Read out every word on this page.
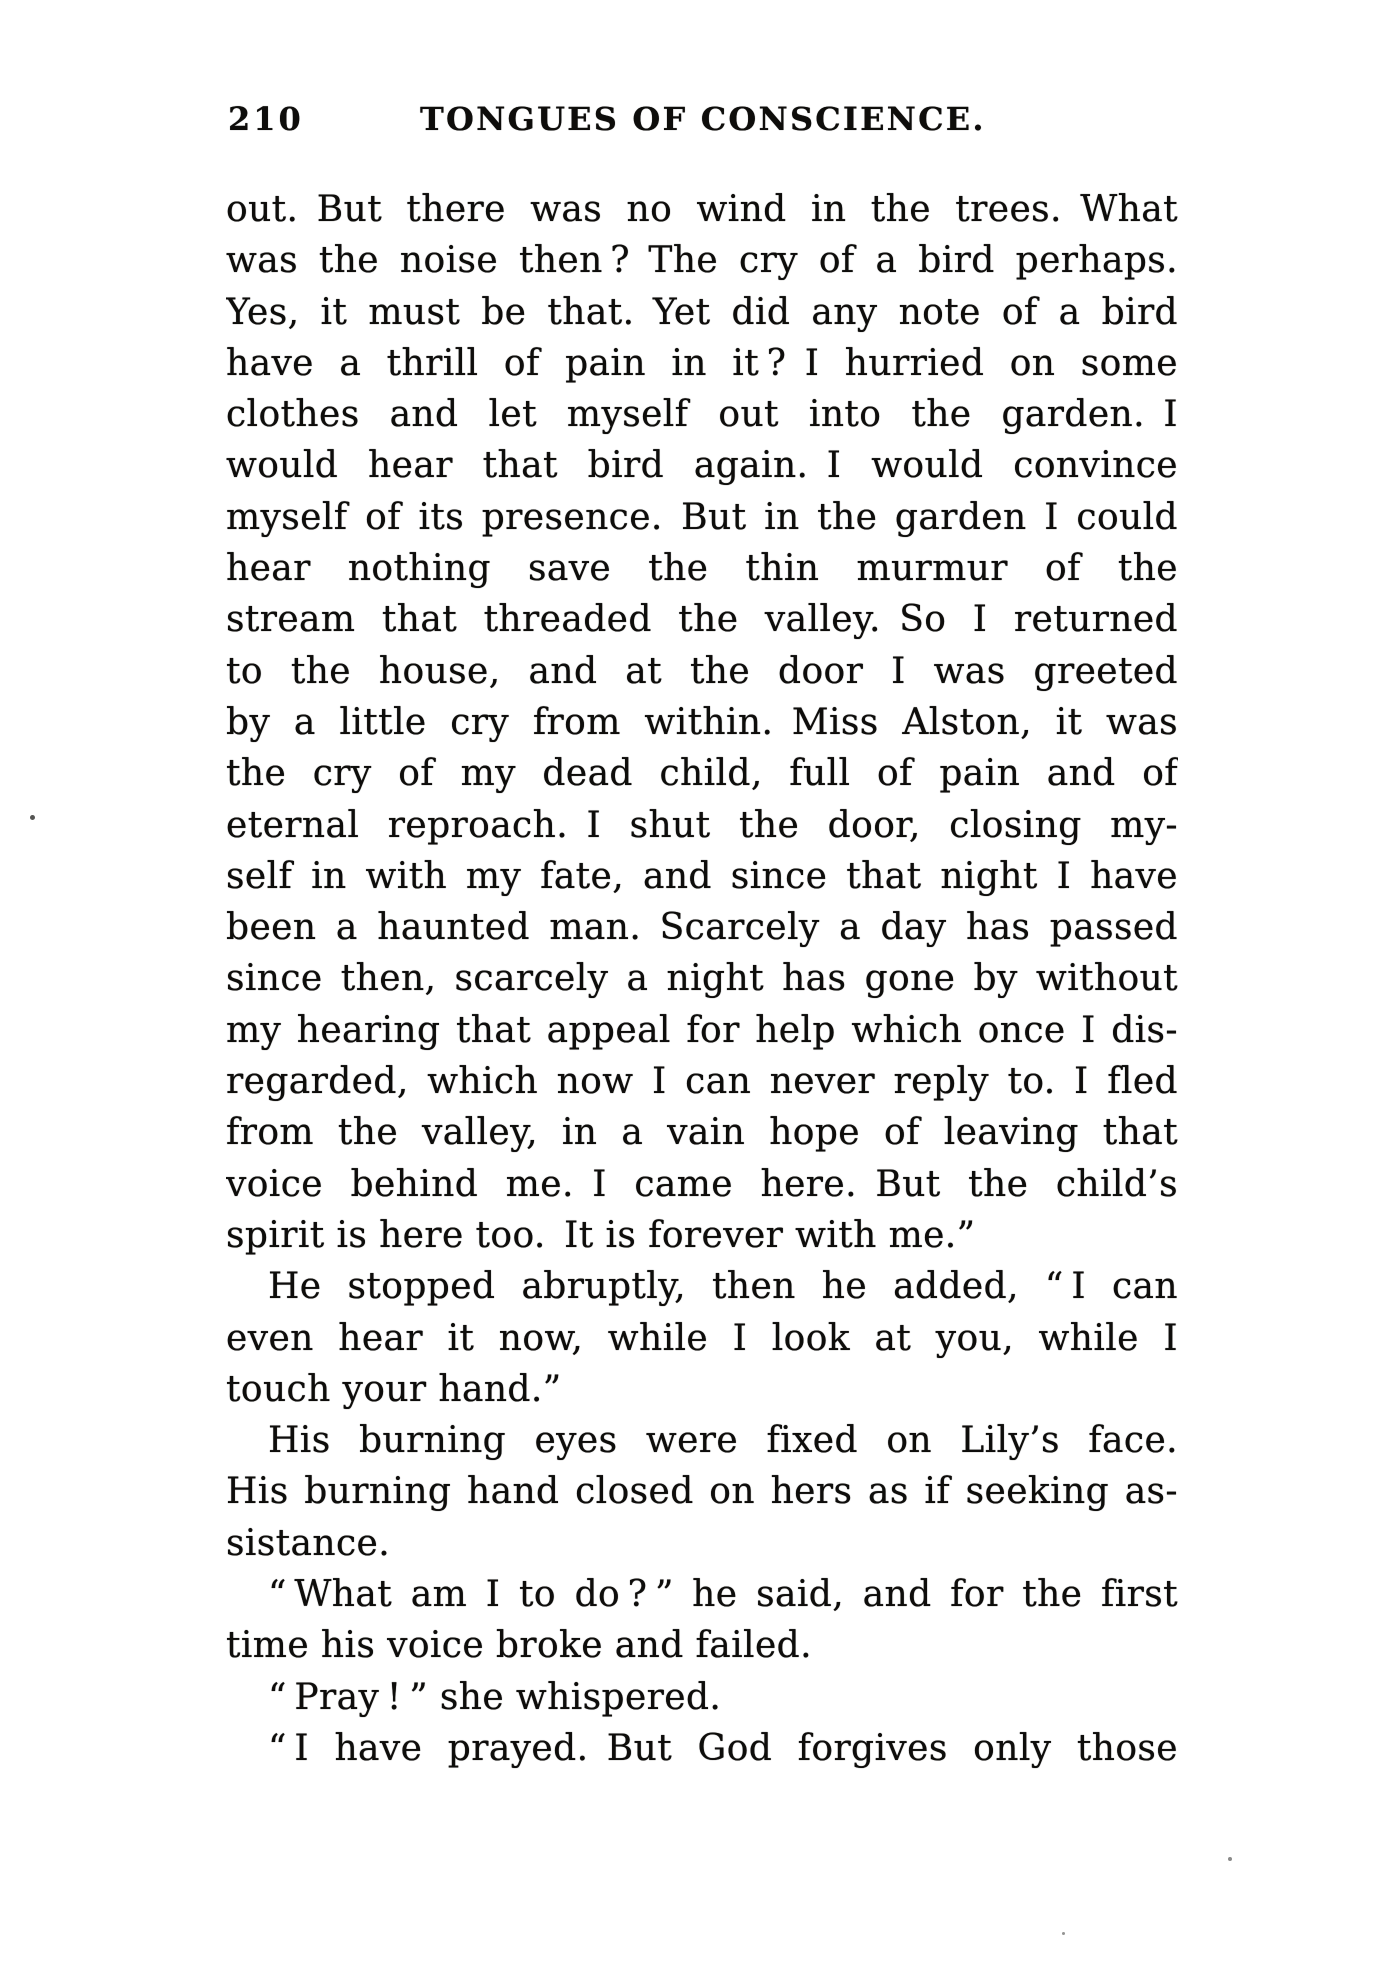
210	TONGUES OF CONSCIENCE.
out. But there was no wind in the trees. What
was the noise then ? The cry of a bird perhaps.
Yes, it must be that. Yet did any note of a bird
have a thrill of pain in it ? I hurried on some
clothes and let myself out into the garden. I
would hear that bird again. I would convince
myself of its presence. But in the garden I could
hear nothing save the thin murmur of the
stream that threaded the valley. So I returned
to the house, and at the door I was greeted
by a little cry from within. Miss Alston, it was
the cry of my dead child, full of pain and of
eternal reproach. I shut the door, closing my-
self in with my fate, and since that night I have
been a haunted man. Scarcely a day has passed
since then, scarcely a night has gone by without
my hearing that appeal for help which once I dis-
regarded, which now I can never reply to. I fled
from the valley, in a vain hope of leaving that
voice behind me. I came here. But the child’s
spirit is here too. It is forever with me.”
He stopped abruptly, then he added, “ I can
even hear it now, while I look at you, while I
touch your hand.”
His burning eyes were fixed on Lily’s face.
His burning hand closed on hers as if seeking as-
sistance.
“ What am I to do ? ” he said, and for the first
time his voice broke and failed.
“ Pray ! ” she whispered.
“ I have prayed. But God forgives only those
